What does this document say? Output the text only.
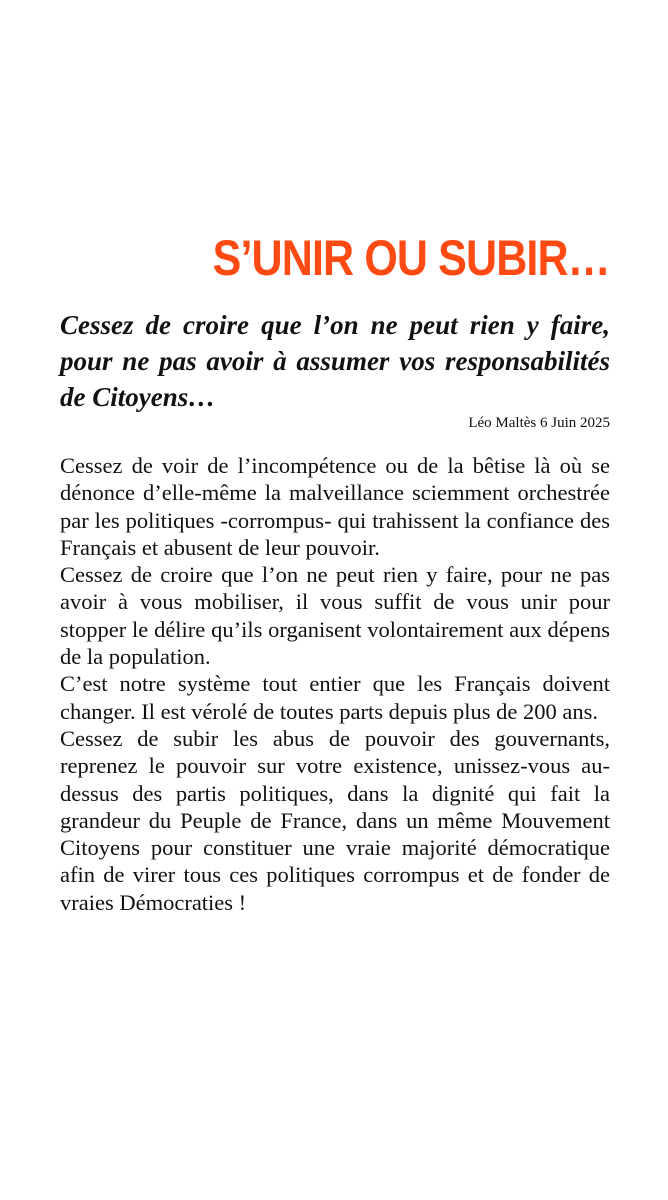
S’UNIR OU SUBIR…

Cessez de croire que l’on ne peut rien y faire, pour ne pas avoir à assumer vos responsabilités de Citoyens…

Léo Maltès 6 Juin 2025

Cessez de voir de l’incompétence ou de la bêtise là où se dénonce d’elle-même la malveillance sciemment orchestrée par les politiques -corrompus- qui trahissent la confiance des Français et abusent de leur pouvoir.

Cessez de croire que l’on ne peut rien y faire, pour ne pas avoir à vous mobiliser, il vous suffit de vous unir pour stopper le délire qu’ils organisent volontairement aux dépens de la population.

C’est notre système tout entier que les Français doivent changer. Il est vérolé de toutes parts depuis plus de 200 ans.

Cessez de subir les abus de pouvoir des gouvernants, reprenez le pouvoir sur votre existence, unissez-vous au-dessus des partis politiques, dans la dignité qui fait la grandeur du Peuple de France, dans un même Mouvement Citoyens pour constituer une vraie majorité démocratique afin de virer tous ces politiques corrompus et de fonder de vraies Démocraties !
